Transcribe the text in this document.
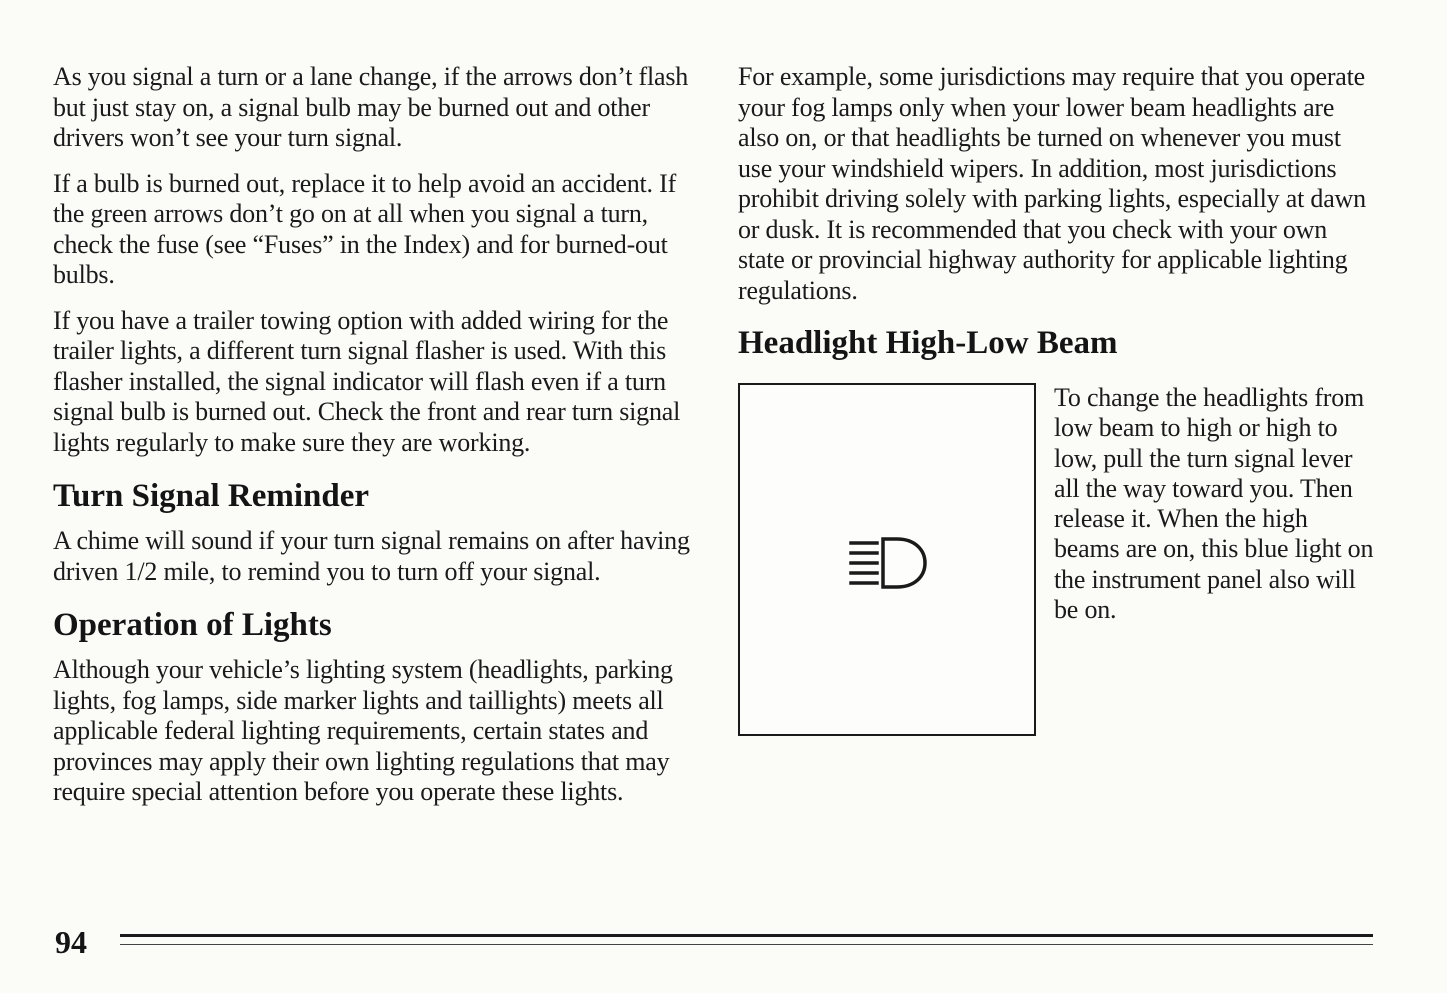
As you signal a turn or a lane change, if the arrows don’t flash but just stay on, a signal bulb may be burned out and other drivers won’t see your turn signal.

If a bulb is burned out, replace it to help avoid an accident. If the green arrows don’t go on at all when you signal a turn, check the fuse (see “Fuses” in the Index) and for burned-out bulbs.

If you have a trailer towing option with added wiring for the trailer lights, a different turn signal flasher is used. With this flasher installed, the signal indicator will flash even if a turn signal bulb is burned out. Check the front and rear turn signal lights regularly to make sure they are working.

Turn Signal Reminder

A chime will sound if your turn signal remains on after having driven 1/2 mile, to remind you to turn off your signal.

Operation of Lights

Although your vehicle’s lighting system (headlights, parking lights, fog lamps, side marker lights and taillights) meets all applicable federal lighting requirements, certain states and provinces may apply their own lighting regulations that may require special attention before you operate these lights.

For example, some jurisdictions may require that you operate your fog lamps only when your lower beam headlights are also on, or that headlights be turned on whenever you must use your windshield wipers. In addition, most jurisdictions prohibit driving solely with parking lights, especially at dawn or dusk. It is recommended that you check with your own state or provincial highway authority for applicable lighting regulations.

Headlight High-Low Beam

To change the headlights from low beam to high or high to low, pull the turn signal lever all the way toward you. Then release it. When the high beams are on, this blue light on the instrument panel also will be on.

94
